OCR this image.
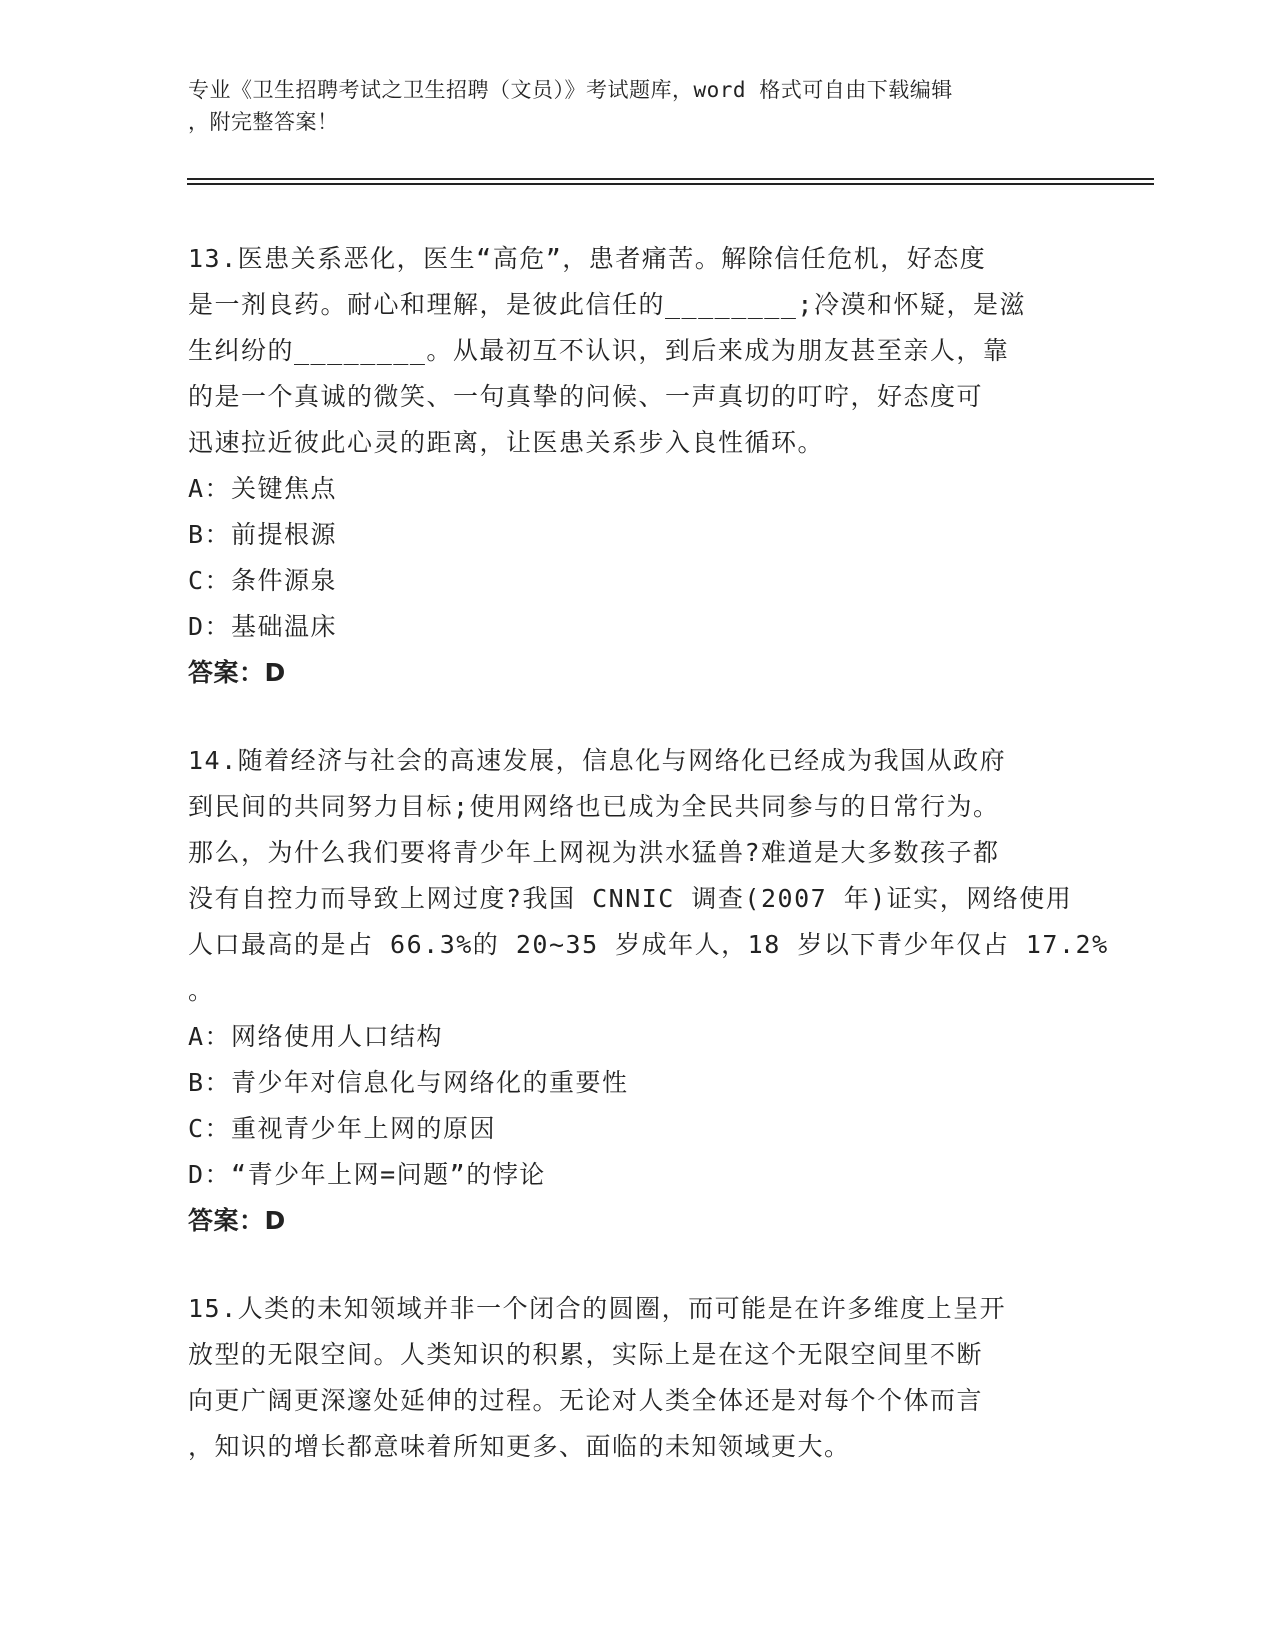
专业《卫生招聘考试之卫生招聘（文员）》考试题库，word 格式可自由下载编辑
，附完整答案！
13.医患关系恶化，医生“高危”，患者痛苦。解除信任危机，好态度
是一剂良药。耐心和理解，是彼此信任的________;冷漠和怀疑，是滋
生纠纷的________。从最初互不认识，到后来成为朋友甚至亲人，靠
的是一个真诚的微笑、一句真挚的问候、一声真切的叮咛，好态度可
迅速拉近彼此心灵的距离，让医患关系步入良性循环。
A：关键焦点
B：前提根源
C：条件源泉
D：基础温床
答案：D
14.随着经济与社会的高速发展，信息化与网络化已经成为我国从政府
到民间的共同努力目标;使用网络也已成为全民共同参与的日常行为。
那么，为什么我们要将青少年上网视为洪水猛兽?难道是大多数孩子都
没有自控力而导致上网过度?我国 CNNIC 调查(2007 年)证实，网络使用
人口最高的是占 66.3%的 20~35 岁成年人，18 岁以下青少年仅占 17.2%
。
A：网络使用人口结构
B：青少年对信息化与网络化的重要性
C：重视青少年上网的原因
D：“青少年上网=问题”的悖论
答案：D
15.人类的未知领域并非一个闭合的圆圈，而可能是在许多维度上呈开
放型的无限空间。人类知识的积累，实际上是在这个无限空间里不断
向更广阔更深邃处延伸的过程。无论对人类全体还是对每个个体而言
，知识的增长都意味着所知更多、面临的未知领域更大。
